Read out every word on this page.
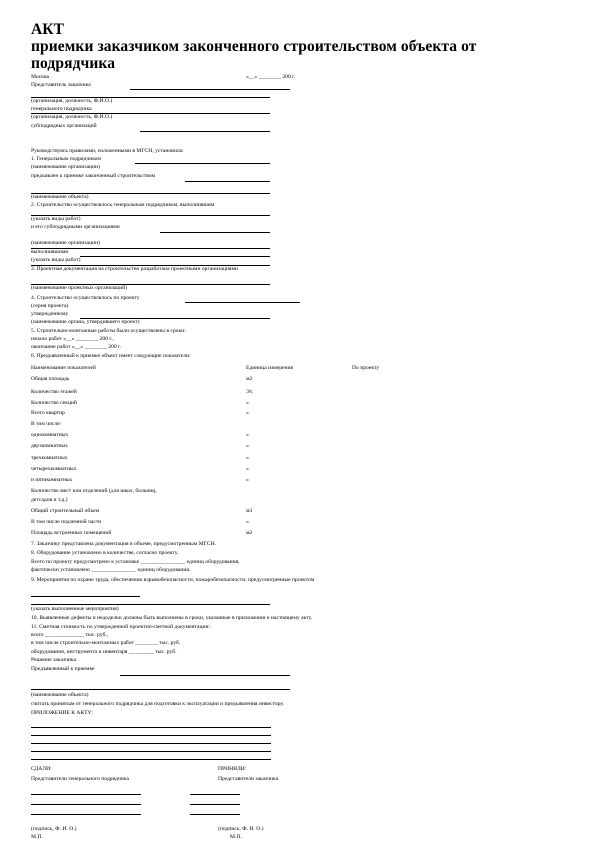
АКТ
приемки заказчиком законченного строительством объекта от
подрядчика
Москва	«__» ________ 200 г.
Представитель заказчика
(организация, должность, Ф.И.О.)
генерального подрядчика
(организация, должность, Ф.И.О.)
субподрядных организаций
Руководствуясь правилами, изложенными в МГСН, установила:
1. Генеральным подрядчиком
(наименование организации)
предъявлен к приемке законченный строительством
(наименование объекта)
2. Строительство осуществлялось генеральным подрядчиком, выполнившим
(указать виды работ)
и его субподрядными организациями
(наименование организации)
выполнившими
(указать виды работ)
3. Проектная документация на строительство разработана проектными организациями
(наименование проектных организаций)
4. Строительство осуществлялось по проекту
(серия проекта)
утвержденному
(наименование органа, утвердившего проект)
5. Строительно-монтажные работы были осуществлены в сроки:
начало работ «__» ________ 200 г.,
окончание работ «__» ________ 200 г.
6. Предъявленный к приемке объект имеет следующие показатели:
Наименование показателей	Единица измерения	По проекту
Общая площадь	м2
Количество этажей	Эт.
Количество секций	«
Всего квартир	«
В том числе:
однокомнатных	«
двухкомнатных	«
трехкомнатных	«
четырехкомнатных	«
и пятикомнатных	«
Количество мест или отделений (для школ, больниц,
детсадов и т.д.)
Общий строительный объем	м3
В том числе подземной части	«
Площадь встроенных помещений	м2
7. Заказчику представлена документация в объеме, предусмотренным МГСН.
8. Оборудование установлено в количестве, согласно проекту.
Всего по проекту предусмотрено к установке ________________ единиц оборудования,
фактически установлено ________________ единиц оборудования.
9. Мероприятия по охране труда, обеспечению взрывобезопасности, пожаробезопасности, предусмотренные проектом
(указать выполненные мероприятия)
10. Выявленные дефекты и недоделки должны быть выполнены в сроки, указанные в приложении к настоящему акту.
11. Сметная стоимость по утвержденной проектно-сметной документации:
всего ______________ тыс. руб.,
в том числе строительно-монтажных работ ________ тыс. руб.
оборудования, инструмента и инвентаря _________ тыс. руб.
Решение заказчика
Предъявленный к приемке
(наименование объекта)
считать принятым от генерального подрядчика для подготовки к эксплуатации и предъявления инвестору.
ПРИЛОЖЕНИЕ К АКТУ:
СДАЛИ:
Представители генерального подрядчика
ПРИНЯЛИ:
Представители заказчика
(подпись, Ф. И. О.)	(подпись, Ф. И. О.)
М.П.	М.П.
